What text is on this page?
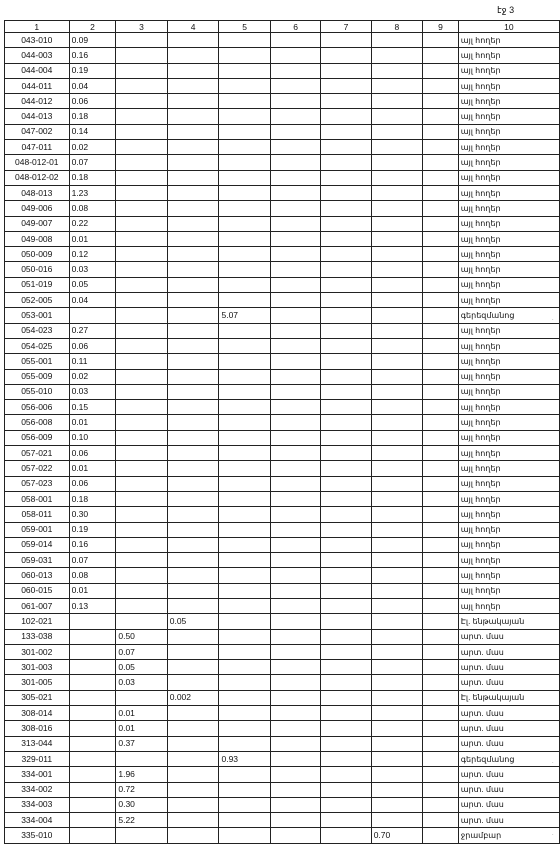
էջ 3
1	2	3	4	5	6	7	8	9	10
043-010	0.09								այլ հողեր
044-003	0.16								այլ հողեր
044-004	0.19								այլ հողեր
044-011	0.04								այլ հողեր
044-012	0.06								այլ հողեր
044-013	0.18								այլ հողեր
047-002	0.14								այլ հողեր
047-011	0.02								այլ հողեր
048-012-01	0.07								այլ հողեր
048-012-02	0.18								այլ հողեր
048-013	1.23								այլ հողեր
049-006	0.08								այլ հողեր
049-007	0.22								այլ հողեր
049-008	0.01								այլ հողեր
050-009	0.12								այլ հողեր
050-016	0.03								այլ հողեր
051-019	0.05								այլ հողեր
052-005	0.04								այլ հողեր
053-001				5.07					գերեզմանոց
054-023	0.27								այլ հողեր
054-025	0.06								այլ հողեր
055-001	0.11								այլ հողեր
055-009	0.02								այլ հողեր
055-010	0.03								այլ հողեր
056-006	0.15								այլ հողեր
056-008	0.01								այլ հողեր
056-009	0.10								այլ հողեր
057-021	0.06								այլ հողեր
057-022	0.01								այլ հողեր
057-023	0.06								այլ հողեր
058-001	0.18								այլ հողեր
058-011	0.30								այլ հողեր
059-001	0.19								այլ հողեր
059-014	0.16								այլ հողեր
059-031	0.07								այլ հողեր
060-013	0.08								այլ հողեր
060-015	0.01								այլ հողեր
061-007	0.13								այլ հողեր
102-021			0.05						Էլ. ենթակայան
133-038		0.50							արտ. մաս
301-002		0.07							արտ. մաս
301-003		0.05							արտ. մաս
301-005		0.03							արտ. մաս
305-021			0.002						Էլ. ենթակայան
308-014		0.01							արտ. մաս
308-016		0.01							արտ. մաս
313-044		0.37							արտ. մաս
329-011				0.93					գերեզմանոց
334-001		1.96							արտ. մաս
334-002		0.72							արտ. մաս
334-003		0.30							արտ. մաս
334-004		5.22							արտ. մաս
335-010							0.70		ջրամբար
·
·
·
